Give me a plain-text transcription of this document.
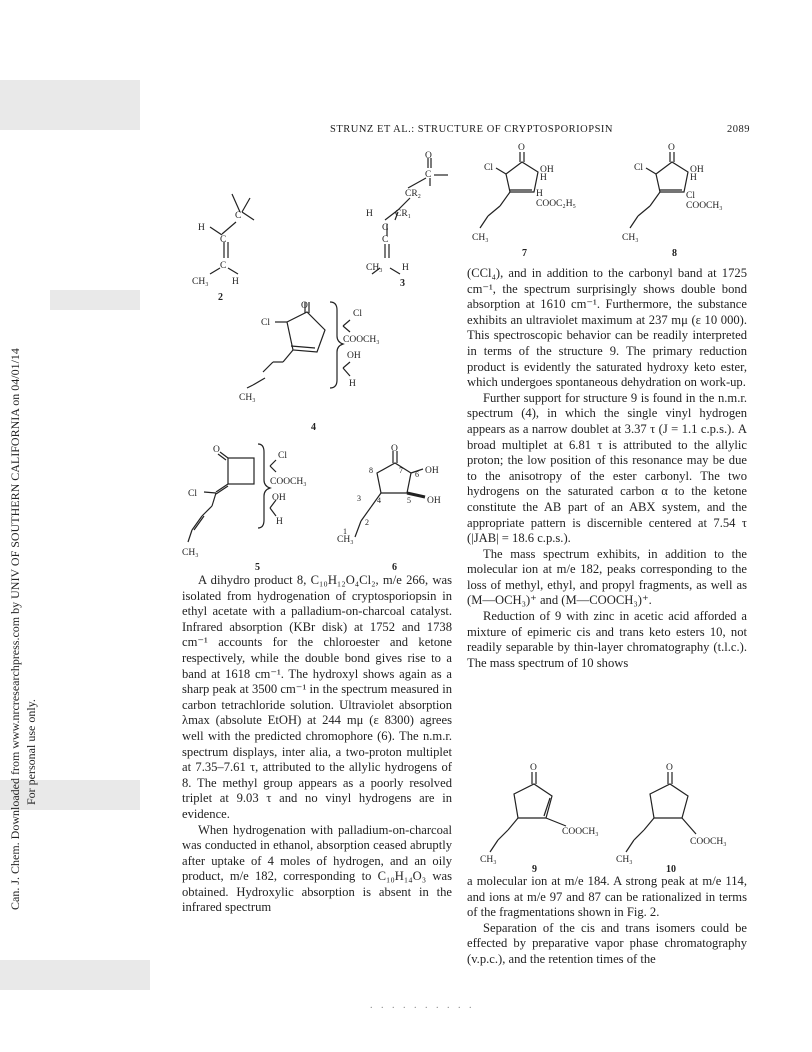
Can. J. Chem. Downloaded from www.nrcresearchpress.com by UNIV OF SOUTHERN CALIFORNIA on 04/01/14 For personal use only.
STRUNZ ET AL.: STRUCTURE OF CRYPTOSPORIOPSIN	2089
H
C
C
C
CH₃ H
2
O
C
CR₂
CR₁
H
C
C
CH₃ H
3
O
Cl
CH₃
Cl
COOCH₃
OH
H
4
O
Cl
CH₃
Cl
COOCH₃
OH
H
5
O
OH
OH
CH₃
1
2
3 4	5
6
7
8
6
O
Cl	OH
H
H
COOC₂H₅
CH₃
7
O
Cl	OH
H
Cl
COOCH₃
CH₃
8
O
COOCH₃
CH₃
9
O
COOCH₃
CH₃
10

A dihydro product 8, C₁₀H₁₂O₄Cl₂, m/e 266, was isolated from hydrogenation of cryptosporiopsin in ethyl acetate with a palladium-on-charcoal catalyst. Infrared absorption (KBr disk) at 1752 and 1738 cm⁻¹ accounts for the chloroester and ketone respectively, while the double bond gives rise to a band at 1618 cm⁻¹. The hydroxyl shows again as a sharp peak at 3500 cm⁻¹ in the spectrum measured in carbon tetrachloride solution. Ultraviolet absorption λmax (absolute EtOH) at 244 mμ (ε 8300) agrees well with the predicted chromophore (6). The n.m.r. spectrum displays, inter alia, a two-proton multiplet at 7.35–7.61 τ, attributed to the allylic hydrogens of 8. The methyl group appears as a poorly resolved triplet at 9.03 τ and no vinyl hydrogens are in evidence.

When hydrogenation with palladium-on-charcoal was conducted in ethanol, absorption ceased abruptly after uptake of 4 moles of hydrogen, and an oily product, m/e 182, corresponding to C₁₀H₁₄O₃ was obtained. Hydroxylic absorption is absent in the infrared spectrum

(CCl₄), and in addition to the carbonyl band at 1725 cm⁻¹, the spectrum surprisingly shows double bond absorption at 1610 cm⁻¹. Furthermore, the substance exhibits an ultraviolet maximum at 237 mμ (ε 10 000). This spectroscopic behavior can be readily interpreted in terms of the structure 9. The primary reduction product is evidently the saturated hydroxy keto ester, which undergoes spontaneous dehydration on work-up.

Further support for structure 9 is found in the n.m.r. spectrum (4), in which the single vinyl hydrogen appears as a narrow doublet at 3.37 τ (J = 1.1 c.p.s.). A broad multiplet at 6.81 τ is attributed to the allylic proton; the low position of this resonance may be due to the anisotropy of the ester carbonyl. The two hydrogens on the saturated carbon α to the ketone constitute the AB part of an ABX system, and the appropriate pattern is discernible centered at 7.54 τ (|JAB| = 18.6 c.p.s.).

The mass spectrum exhibits, in addition to the molecular ion at m/e 182, peaks corresponding to the loss of methyl, ethyl, and propyl fragments, as well as (M—OCH₃)⁺ and (M—COOCH₃)⁺.

Reduction of 9 with zinc in acetic acid afforded a mixture of epimeric cis and trans keto esters 10, not readily separable by thin-layer chromatography (t.l.c.). The mass spectrum of 10 shows

a molecular ion at m/e 184. A strong peak at m/e 114, and ions at m/e 97 and 87 can be rationalized in terms of the fragmentations shown in Fig. 2.

Separation of the cis and trans isomers could be effected by preparative vapor phase chromatography (v.p.c.), and the retention times of the

. . . . . . . . . .
